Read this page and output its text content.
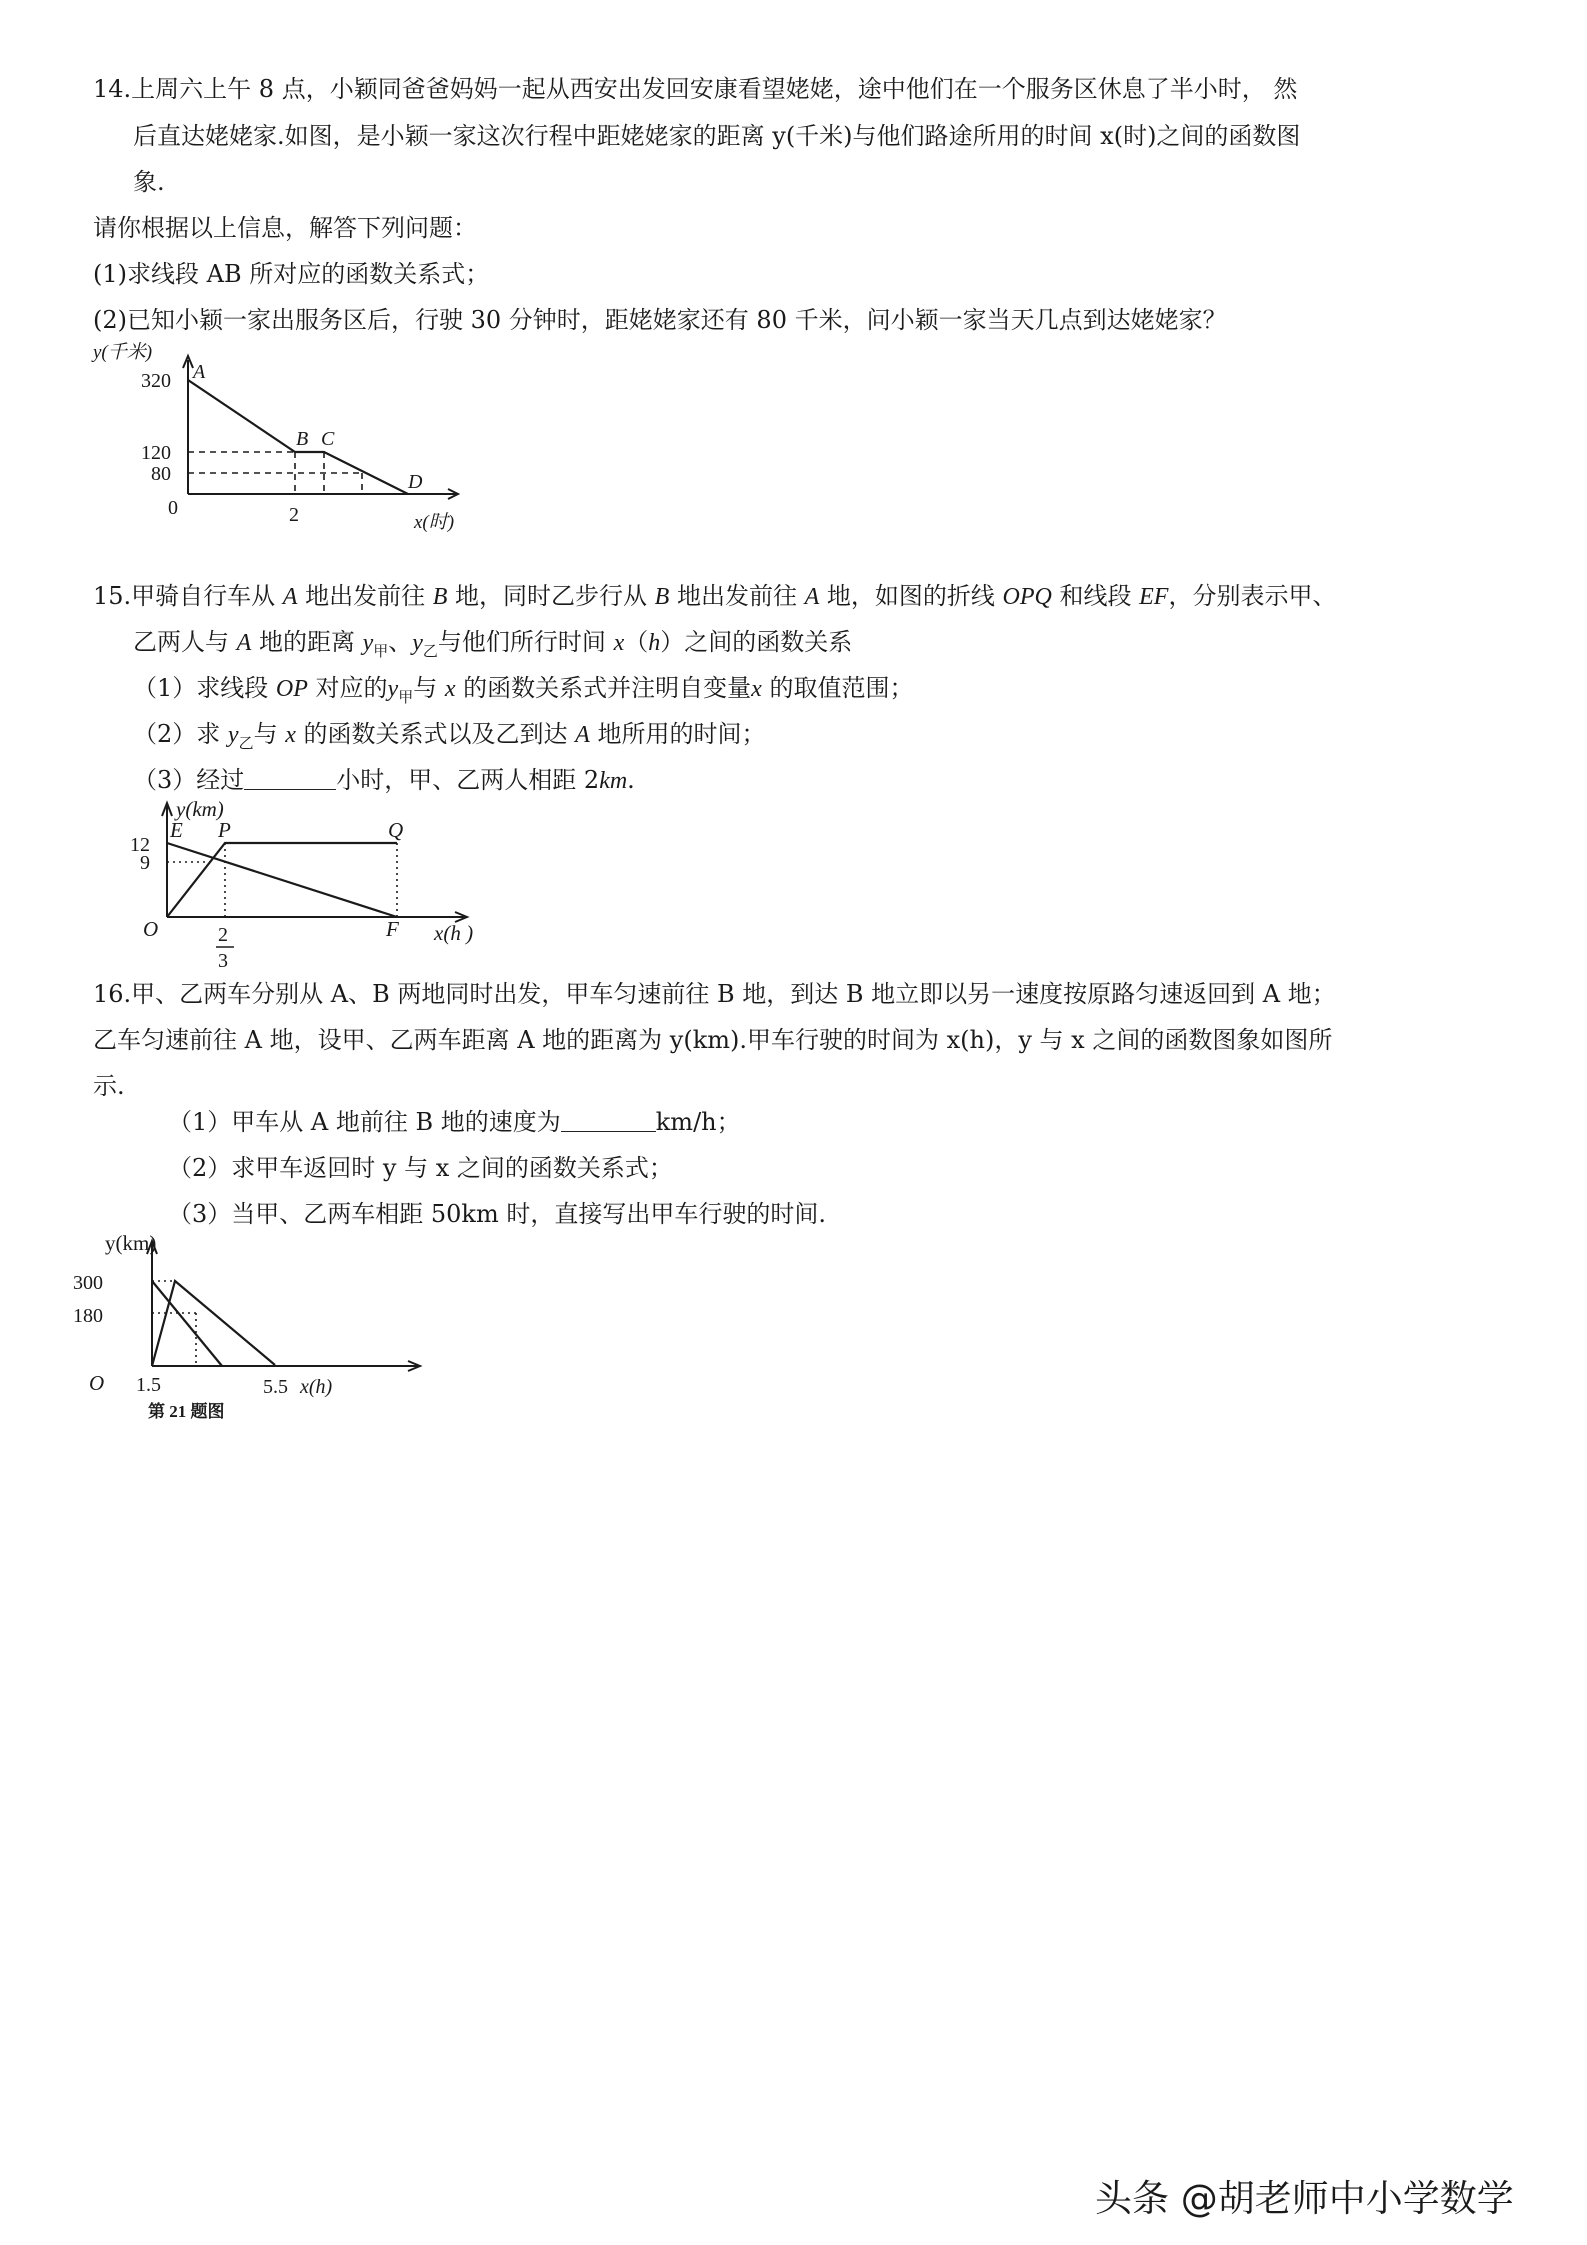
14.上周六上午 8 点，小颖同爸爸妈妈一起从西安出发回安康看望姥姥，途中他们在一个服务区休息了半小时， 然
后直达姥姥家.如图，是小颖一家这次行程中距姥姥家的距离 y(千米)与他们路途所用的时间 x(时)之间的函数图
象.
请你根据以上信息，解答下列问题：
(1)求线段 AB 所对应的函数关系式；
(2)已知小颖一家出服务区后，行驶 30 分钟时，距姥姥家还有 80 千米，问小颖一家当天几点到达姥姥家？
y(千米)
320
120
80
0	2
A
B C
D
x(时)
15.甲骑自行车从 A 地出发前往 B 地，同时乙步行从 B 地出发前往 A 地，如图的折线 OPQ 和线段 EF，分别表示甲、
乙两人与 A 地的距离 $y_甲$、$y_乙$与他们所行时间 x（h）之间的函数关系
（1）求线段 OP 对应的$y_甲$与 x 的函数关系式并注明自变量x 的取值范围；
（2）求 $y_乙$与 x 的函数关系式以及乙到达 A 地所用的时间；
（3）经过	小时，甲、乙两人相距 2km.
y(km)
12
9
O
E P	Q
F
2
3
x(h )
16.甲、乙两车分别从 A、B 两地同时出发，甲车匀速前往 B 地，到达 B 地立即以另一速度按原路匀速返回到 A 地；
乙车匀速前往 A 地，设甲、乙两车距离 A 地的距离为 y(km).甲车行驶的时间为 x(h)，y 与 x 之间的函数图象如图所
示.
（1）甲车从 A 地前往 B 地的速度为	km/h；
（2）求甲车返回时 y 与 x 之间的函数关系式；
（3）当甲、乙两车相距 50km 时，直接写出甲车行驶的时间.
y(km)
300
180
O 1.5	5.5 x(h)
第 21 题图
头条 @胡老师中小学数学
